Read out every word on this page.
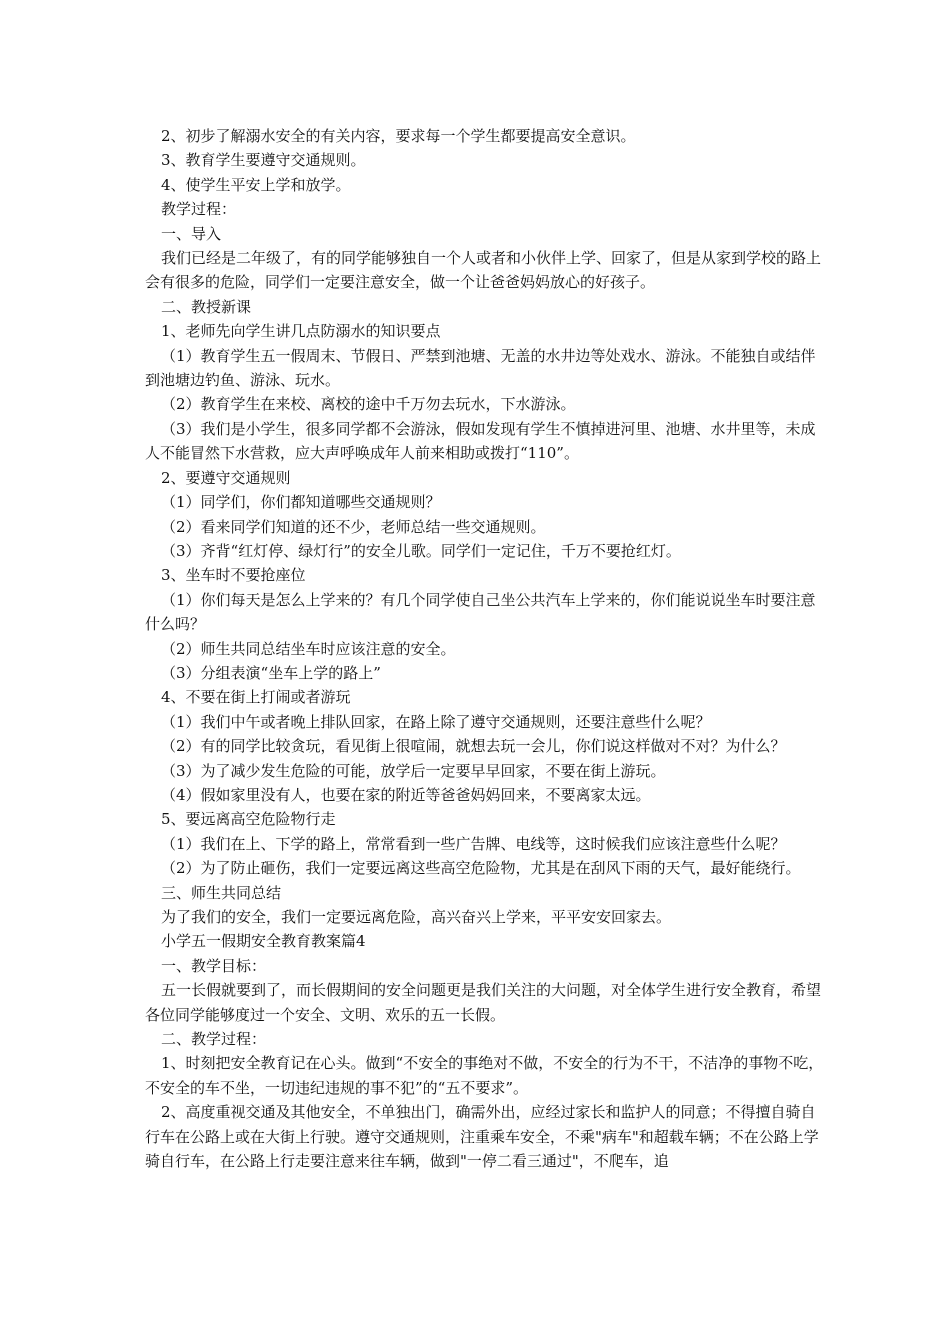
2、初步了解溺水安全的有关内容，要求每一个学生都要提高安全意识。

3、教育学生要遵守交通规则。

4、使学生平安上学和放学。

教学过程：

一、导入

我们已经是二年级了，有的同学能够独自一个人或者和小伙伴上学、回家了，但是从家到学校的路上会有很多的危险，同学们一定要注意安全，做一个让爸爸妈妈放心的好孩子。

二、教授新课

1、老师先向学生讲几点防溺水的知识要点

（1）教育学生五一假周末、节假日、严禁到池塘、无盖的水井边等处戏水、游泳。不能独自或结伴到池塘边钓鱼、游泳、玩水。

（2）教育学生在来校、离校的途中千万勿去玩水，下水游泳。

（3）我们是小学生，很多同学都不会游泳，假如发现有学生不慎掉进河里、池塘、水井里等，未成人不能冒然下水营救，应大声呼唤成年人前来相助或拨打“110”。

2、要遵守交通规则

（1）同学们，你们都知道哪些交通规则？

（2）看来同学们知道的还不少，老师总结一些交通规则。

（3）齐背“红灯停、绿灯行”的安全儿歌。同学们一定记住，千万不要抢红灯。

3、坐车时不要抢座位

（1）你们每天是怎么上学来的？有几个同学使自己坐公共汽车上学来的，你们能说说坐车时要注意什么吗？

（2）师生共同总结坐车时应该注意的安全。

（3）分组表演“坐车上学的路上”

4、不要在街上打闹或者游玩

（1）我们中午或者晚上排队回家，在路上除了遵守交通规则，还要注意些什么呢？

（2）有的同学比较贪玩，看见街上很喧闹，就想去玩一会儿，你们说这样做对不对？为什么？

（3）为了减少发生危险的可能，放学后一定要早早回家，不要在街上游玩。

（4）假如家里没有人，也要在家的附近等爸爸妈妈回来，不要离家太远。

5、要远离高空危险物行走

（1）我们在上、下学的路上，常常看到一些广告牌、电线等，这时候我们应该注意些什么呢？

（2）为了防止砸伤，我们一定要远离这些高空危险物，尤其是在刮风下雨的天气，最好能绕行。

三、师生共同总结

为了我们的安全，我们一定要远离危险，高兴奋兴上学来，平平安安回家去。

小学五一假期安全教育教案篇4

一、教学目标：

五一长假就要到了，而长假期间的安全问题更是我们关注的大问题，对全体学生进行安全教育，希望各位同学能够度过一个安全、文明、欢乐的五一长假。

二、教学过程：

1、时刻把安全教育记在心头。做到“不安全的事绝对不做，不安全的行为不干，不洁净的事物不吃，不安全的车不坐，一切违纪违规的事不犯”的“五不要求”。

2、高度重视交通及其他安全，不单独出门，确需外出，应经过家长和监护人的同意；不得擅自骑自行车在公路上或在大街上行驶。遵守交通规则，注重乘车安全，不乘"病车"和超载车辆；不在公路上学骑自行车，在公路上行走要注意来往车辆，做到"一停二看三通过"，不爬车，追
